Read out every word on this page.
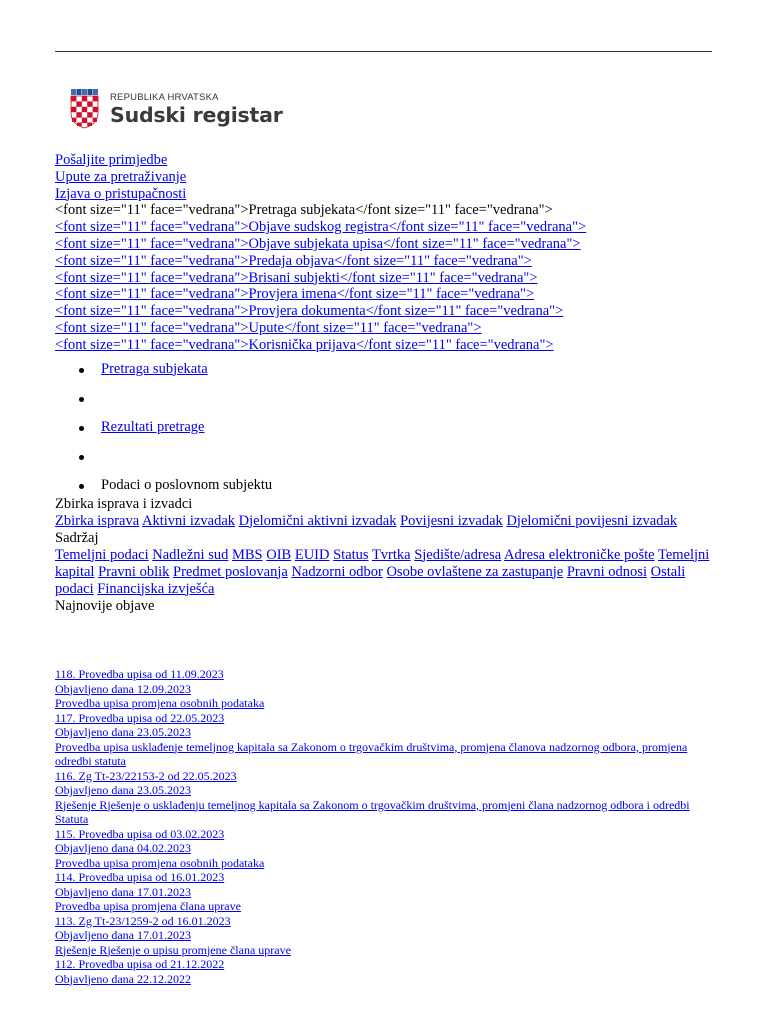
REPUBLIKA HRVATSKA
Sudski registar
Pošaljite primjedbe
Upute za pretraživanje
Izjava o pristupačnosti
<font size="11" face="vedrana">Pretraga subjekata</font size="11" face="vedrana">
<font size="11" face="vedrana">Objave sudskog registra</font size="11" face="vedrana">
<font size="11" face="vedrana">Objave subjekata upisa</font size="11" face="vedrana">
<font size="11" face="vedrana">Predaja objava</font size="11" face="vedrana">
<font size="11" face="vedrana">Brisani subjekti</font size="11" face="vedrana">
<font size="11" face="vedrana">Provjera imena</font size="11" face="vedrana">
<font size="11" face="vedrana">Provjera dokumenta</font size="11" face="vedrana">
<font size="11" face="vedrana">Upute</font size="11" face="vedrana">
<font size="11" face="vedrana">Korisnička prijava</font size="11" face="vedrana">
Pretraga subjekata
Rezultati pretrage
Podaci o poslovnom subjektu
Zbirka isprava i izvadci
Zbirka isprava Aktivni izvadak Djelomični aktivni izvadak Povijesni izvadak Djelomični povijesni izvadak
Sadržaj
Temeljni podaci Nadležni sud MBS OIB EUID Status Tvrtka Sjedište/adresa Adresa elektroničke pošte Temeljni kapital Pravni oblik Predmet poslovanja Nadzorni odbor Osobe ovlaštene za zastupanje Pravni odnosi Ostali podaci Financijska izvješća
Najnovije objave
118. Provedba upisa od 11.09.2023
Objavljeno dana 12.09.2023
Provedba upisa promjena osobnih podataka
117. Provedba upisa od 22.05.2023
Objavljeno dana 23.05.2023
Provedba upisa usklađenje temeljnog kapitala sa Zakonom o trgovačkim društvima, promjena članova nadzornog odbora, promjena odredbi statuta
116. Zg Tt-23/22153-2 od 22.05.2023
Objavljeno dana 23.05.2023
Rješenje Rješenje o usklađenju temeljnog kapitala sa Zakonom o trgovačkim društvima, promjeni člana nadzornog odbora i odredbi Statuta
115. Provedba upisa od 03.02.2023
Objavljeno dana 04.02.2023
Provedba upisa promjena osobnih podataka
114. Provedba upisa od 16.01.2023
Objavljeno dana 17.01.2023
Provedba upisa promjena člana uprave
113. Zg Tt-23/1259-2 od 16.01.2023
Objavljeno dana 17.01.2023
Rješenje Rješenje o upisu promjene člana uprave
112. Provedba upisa od 21.12.2022
Objavljeno dana 22.12.2022
